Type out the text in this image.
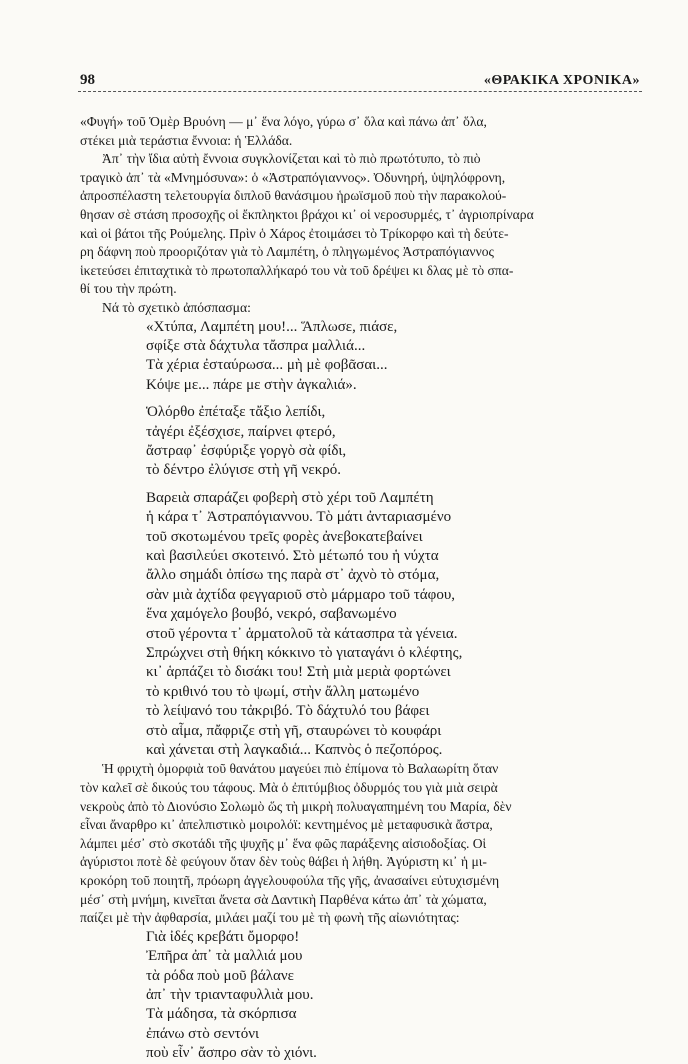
98	«ΘΡΑΚΙΚΑ ΧΡΟΝΙΚΑ»
«Φυγή» τοῦ Ὁμὲρ Βρυόνη — μ᾽ ἕνα λόγο, γύρω σ᾽ ὅλα καὶ πάνω ἀπ᾽ ὅλα,
στέκει μιὰ τεράστια ἔννοια: ἡ Ἑλλάδα.
Ἀπ᾽ τὴν ἴδια αὐτὴ ἔννοια συγκλονίζεται καὶ τὸ πιὸ πρωτότυπο, τὸ πιὸ
τραγικὸ ἀπ᾽ τὰ «Μνημόσυνα»: ὁ «Ἀστραπόγιαννος». Ὀδυνηρή, ὑψηλόφρονη,
ἀπροσπέλαστη τελετουργία διπλοῦ θανάσιμου ἡρωϊσμοῦ ποὺ τὴν παρακολού-
θησαν σὲ στάση προσοχῆς οἱ ἔκπληκτοι βράχοι κι᾽ οἱ νεροσυρμές, τ᾽ ἀγριοπρίναρα
καὶ οἱ βάτοι τῆς Ρούμελης. Πρὶν ὁ Χάρος ἐτοιμάσει τὸ Τρίκορφο καὶ τὴ δεύτε-
ρη δάφνη ποὺ προοριζόταν γιὰ τὸ Λαμπέτη, ὁ πληγωμένος Ἀστραπόγιαννος
ἱκετεύσει ἐπιταχτικὰ τὸ πρωτοπαλλήκαρό του νὰ τοῦ δρέψει κι δλας μὲ τὸ σπα-
θί του τὴν πρώτη.
Νά τὸ σχετικὸ ἀπόσπασμα:
«Χτύπα, Λαμπέτη μου!... Ἅπλωσε, πιάσε,
σφίξε στὰ δάχτυλα τἄσπρα μαλλιά...
Τὰ χέρια ἐσταύρωσα... μὴ μὲ φοβᾶσαι...
Κόψε με... πάρε με στὴν ἀγκαλιά».
Ὁλόρθο ἐπέταξε τἄξιο λεπίδι,
τἀγέρι ἐξέσχισε, παίρνει φτερό,
ἄστραφ᾽ ἐσφύριξε γοργὸ σὰ φίδι,
τὸ δέντρο ἐλύγισε στὴ γῆ νεκρό.
Βαρειὰ σπαράζει φοβερὴ στὸ χέρι τοῦ Λαμπέτη
ἡ κάρα τ᾽ Ἀστραπόγιαννου. Τὸ μάτι ἀνταριασμένο
τοῦ σκοτωμένου τρεῖς φορὲς ἀνεβοκατεβαίνει
καὶ βασιλεύει σκοτεινό. Στὸ μέτωπό του ἡ νύχτα
ἄλλο σημάδι ὀπίσω της παρὰ στ᾽ ἀχνὸ τὸ στόμα,
σὰν μιὰ ἀχτίδα φεγγαριοῦ στὸ μάρμαρο τοῦ τάφου,
ἕνα χαμόγελο βουβό, νεκρό, σαβανωμένο
στοῦ γέροντα τ᾽ ἁρματολοῦ τὰ κάτασπρα τὰ γένεια.
Σπρώχνει στὴ θήκη κόκκινο τὸ γιαταγάνι ὁ κλέφτης,
κι᾽ ἁρπάζει τὸ δισάκι του! Στὴ μιὰ μεριὰ φορτώνει
τὸ κριθινό του τὸ ψωμί, στὴν ἄλλη ματωμένο
τὸ λείψανό του τἀκριβό. Τὸ δάχτυλό του βάφει
στὸ αἷμα, πἄφριζε στὴ γῆ, σταυρώνει τὸ κουφάρι
καὶ χάνεται στὴ λαγκαδιά... Καπνὸς ὁ πεζοπόρος.
Ἡ φριχτὴ ὀμορφιὰ τοῦ θανάτου μαγεύει πιὸ ἐπίμονα τὸ Βαλαωρίτη ὅταν
τὸν καλεῖ σὲ δικούς του τάφους. Μὰ ὁ ἐπιτύμβιος ὀδυρμός του γιὰ μιὰ σειρὰ
νεκροὺς ἀπὸ τὸ Διονύσιο Σολωμὸ ὥς τὴ μικρὴ πολυαγαπημένη του Μαρία, δὲν
εἶναι ἄναρθρο κι᾽ ἀπελπιστικὸ μοιρολόϊ: κεντημένος μὲ μεταφυσικὰ ἄστρα,
λάμπει μέσ᾽ στὸ σκοτάδι τῆς ψυχῆς μ᾽ ἕνα φῶς παράξενης αἰσιοδοξίας. Οἱ
ἀγύριστοι ποτὲ δὲ φεύγουν ὅταν δὲν τοὺς θάβει ἡ λήθη. Ἀγύριστη κι᾽ ἡ μι-
κροκόρη τοῦ ποιητῆ, πρόωρη ἀγγελουφούλα τῆς γῆς, ἀνασαίνει εὐτυχισμένη
μέσ᾽ στὴ μνήμη, κινεῖται ἄνετα σὰ Δαντικὴ Παρθένα κάτω ἀπ᾽ τὰ χώματα,
παίζει μὲ τὴν ἀφθαρσία, μιλάει μαζί του μὲ τὴ φωνὴ τῆς αἰωνιότητας:
Γιὰ ἰδές κρεβάτι ὄμορφο!
Ἐπῆρα ἀπ᾽ τὰ μαλλιά μου
τὰ ρόδα ποὺ μοῦ βάλανε
ἀπ᾽ τὴν τριανταφυλλιὰ μου.
Τὰ μάδησα, τὰ σκόρπισα
ἐπάνω στὸ σεντόνι
ποὺ εἶν᾽ ἄσπρο σὰν τὸ χιόνι.
